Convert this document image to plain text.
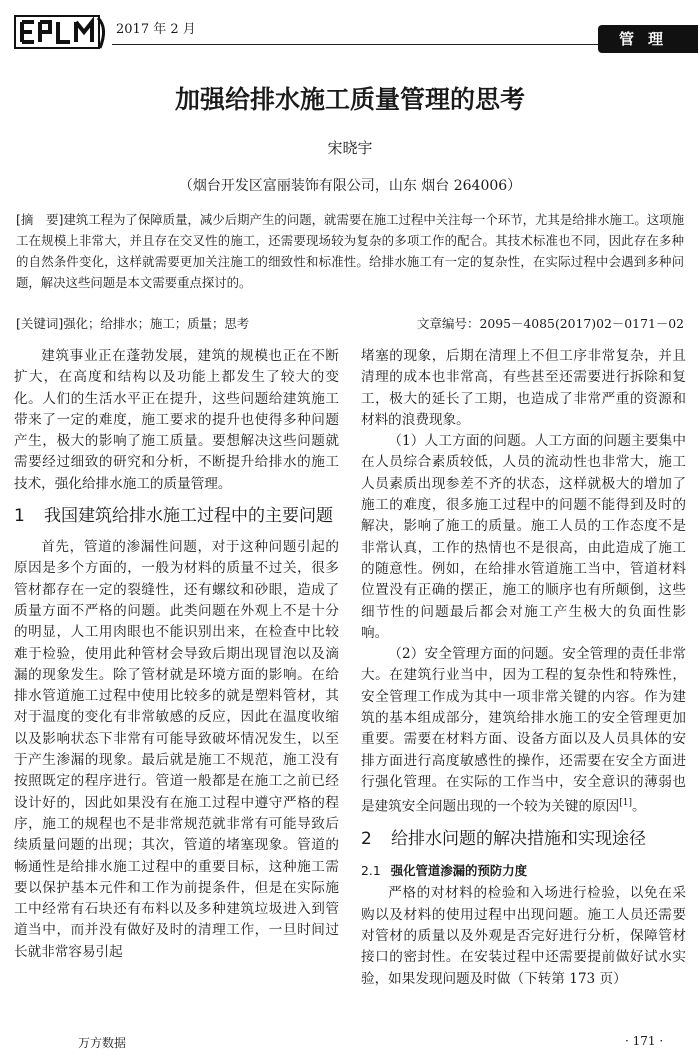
2017 年 2 月
管理
加强给排水施工质量管理的思考
宋晓宇
（烟台开发区富丽装饰有限公司，山东 烟台 264006）
[摘　要]建筑工程为了保障质量，减少后期产生的问题，就需要在施工过程中关注每一个环节，尤其是给排水施工。这项施工在规模上非常大，并且存在交叉性的施工，还需要现场较为复杂的多项工作的配合。其技术标准也不同，因此存在多种的自然条件变化，这样就需要更加关注施工的细致性和标准性。给排水施工有一定的复杂性，在实际过程中会遇到多种问题，解决这些问题是本文需要重点探讨的。
[关键词]强化；给排水；施工；质量；思考	文章编号：2095－4085(2017)02－0171－02

建筑事业正在蓬勃发展，建筑的规模也正在不断扩大，在高度和结构以及功能上都发生了较大的变化。人们的生活水平正在提升，这些问题给建筑施工带来了一定的难度，施工要求的提升也使得多种问题产生，极大的影响了施工质量。要想解决这些问题就需要经过细致的研究和分析，不断提升给排水的施工技术，强化给排水施工的质量管理。

1	我国建筑给排水施工过程中的主要问题

首先，管道的渗漏性问题，对于这种问题引起的原因是多个方面的，一般为材料的质量不过关，很多管材都存在一定的裂缝性，还有螺纹和砂眼，造成了质量方面不严格的问题。此类问题在外观上不是十分的明显，人工用肉眼也不能识别出来，在检查中比较难于检验，使用此种管材会导致后期出现冒泡以及滴漏的现象发生。除了管材就是环境方面的影响。在给排水管道施工过程中使用比较多的就是塑料管材，其对于温度的变化有非常敏感的反应，因此在温度收缩以及影响状态下非常有可能导致破坏情况发生，以至于产生渗漏的现象。最后就是施工不规范，施工没有按照既定的程序进行。管道一般都是在施工之前已经设计好的，因此如果没有在施工过程中遵守严格的程序，施工的规程也不是非常规范就非常有可能导致后续质量问题的出现；其次，管道的堵塞现象。管道的畅通性是给排水施工过程中的重要目标，这种施工需要以保护基本元件和工作为前提条件，但是在实际施工中经常有石块还有布料以及多种建筑垃圾进入到管道当中，而并没有做好及时的清理工作，一旦时间过长就非常容易引起

堵塞的现象，后期在清理上不但工序非常复杂，并且清理的成本也非常高，有些甚至还需要进行拆除和复工，极大的延长了工期，也造成了非常严重的资源和材料的浪费现象。

（1）人工方面的问题。人工方面的问题主要集中在人员综合素质较低，人员的流动性也非常大，施工人员素质出现参差不齐的状态，这样就极大的增加了施工的难度，很多施工过程中的问题不能得到及时的解决，影响了施工的质量。施工人员的工作态度不是非常认真，工作的热情也不是很高，由此造成了施工的随意性。例如，在给排水管道施工当中，管道材料位置没有正确的摆正，施工的顺序也有所颠倒，这些细节性的问题最后都会对施工产生极大的负面性影响。

（2）安全管理方面的问题。安全管理的责任非常大。在建筑行业当中，因为工程的复杂性和特殊性，安全管理工作成为其中一项非常关键的内容。作为建筑的基本组成部分，建筑给排水施工的安全管理更加重要。需要在材料方面、设备方面以及人员具体的安排方面进行高度敏感性的操作，还需要在安全方面进行强化管理。在实际的工作当中，安全意识的薄弱也是建筑安全问题出现的一个较为关键的原因[1]。

2	给排水问题的解决措施和实现途径
2.1 强化管道渗漏的预防力度

严格的对材料的检验和入场进行检验，以免在采购以及材料的使用过程中出现问题。施工人员还需要对管材的质量以及外观是否完好进行分析，保障管材接口的密封性。在安装过程中还需要提前做好试水实验，如果发现问题及时做（下转第 173 页）

万方数据	· 171 ·
